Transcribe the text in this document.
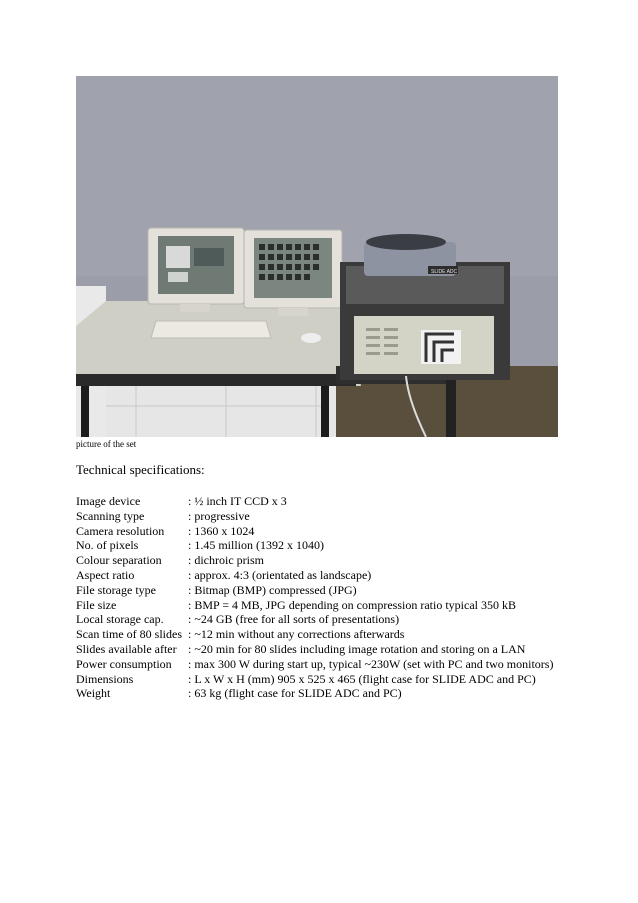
SLIDE ADC
picture of the set
Technical specifications:
Image device	: ½ inch IT CCD x 3
Scanning type	: progressive
Camera resolution	: 1360 x 1024
No. of pixels	: 1.45 million (1392 x 1040)
Colour separation	: dichroic prism
Aspect ratio	: approx. 4:3 (orientated as landscape)
File storage type	: Bitmap (BMP) compressed (JPG)
File size	: BMP = 4 MB, JPG depending on compression ratio typical 350 kB
Local storage cap.	: ~24 GB (free for all sorts of presentations)
Scan time of 80 slides : ~12 min without any corrections afterwards
Slides available after : ~20 min for 80 slides including image rotation and storing on a LAN
Power consumption	: max 300 W during start up, typical ~230W (set with PC and two monitors)
Dimensions	: L x W x H (mm) 905 x 525 x 465 (flight case for SLIDE ADC and PC)
Weight	: 63 kg (flight case for SLIDE ADC and PC)
